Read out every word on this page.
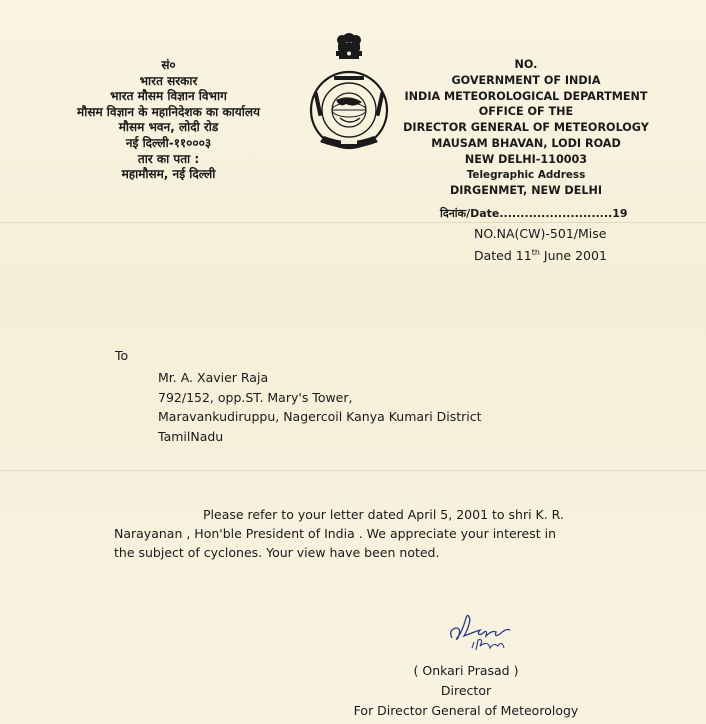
सं०
भारत सरकार
भारत मौसम विज्ञान विभाग
मौसम विज्ञान के महानिदेशक का कार्यालय
मौसम भवन, लोदी रोड
नई दिल्ली-११०००३
तार का पता :
महामौसम, नई दिल्ली
NO.
GOVERNMENT OF INDIA
INDIA METEOROLOGICAL DEPARTMENT
OFFICE OF THE
DIRECTOR GENERAL OF METEOROLOGY
MAUSAM BHAVAN, LODI ROAD
NEW DELHI-110003
Telegraphic Address
DIRGENMET, NEW DELHI
दिनांक/Date...........................19
NO.NA(CW)-501/Mise
Dated 11th June 2001
To
Mr. A. Xavier Raja
792/152, opp.ST. Mary's Tower,
Maravankudiruppu, Nagercoil Kanya Kumari District
TamilNadu
Please refer to your letter dated April 5, 2001 to shri K. R.
Narayanan , Hon'ble President of India . We appreciate your interest in
the subject of cyclones. Your view have been noted.
( Onkari Prasad )
Director
For Director General of Meteorology
